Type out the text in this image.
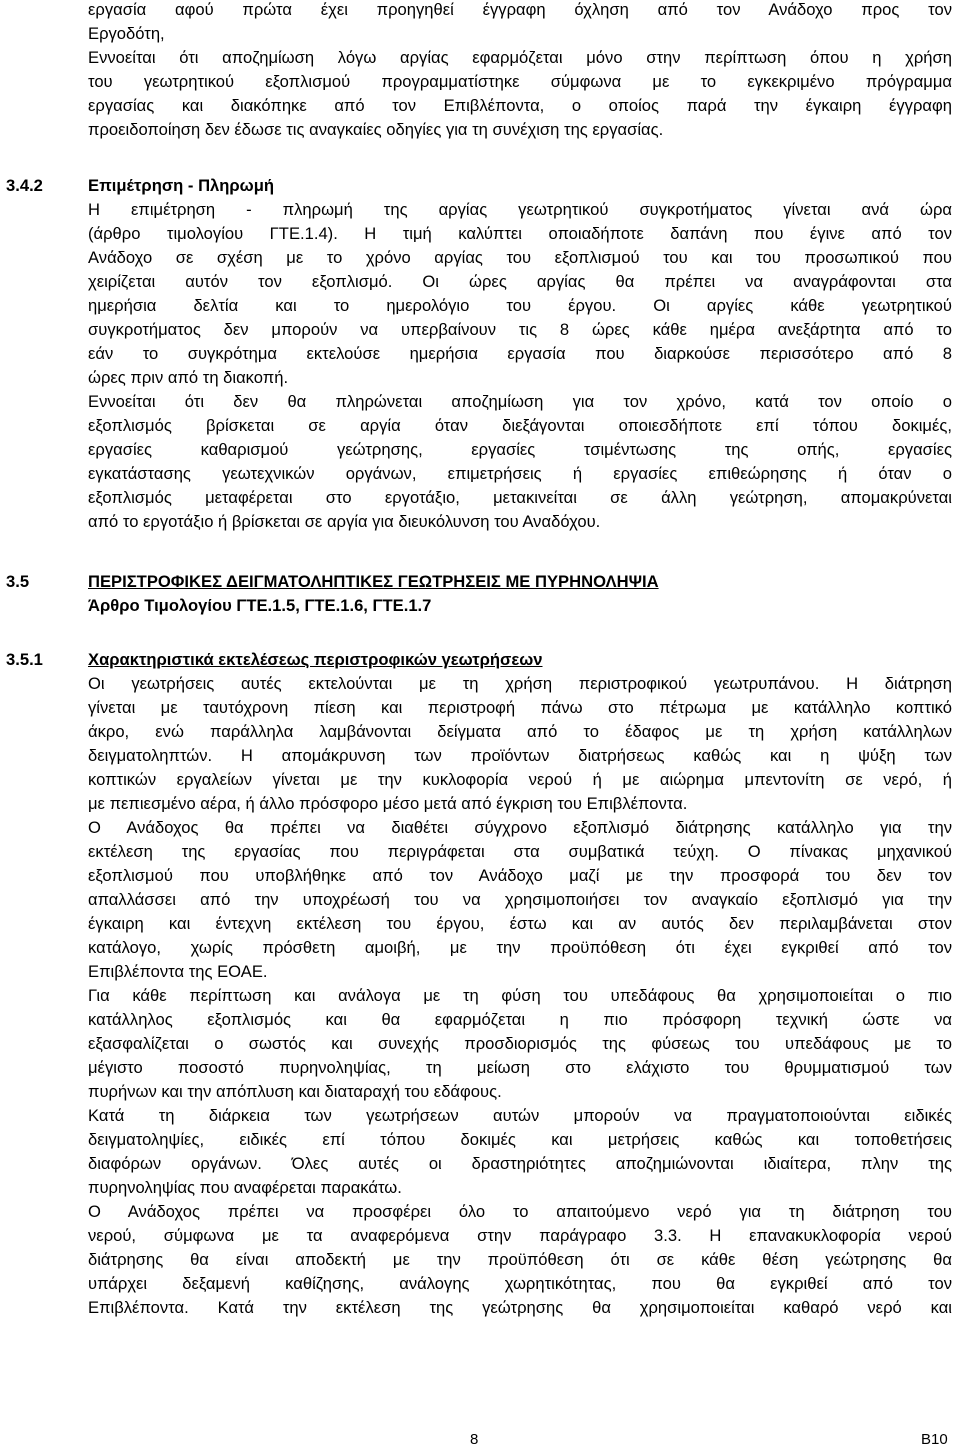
εργασία αφού πρώτα έχει προηγηθεί έγγραφη όχληση από τον Ανάδοχο προς τον

Εργοδότη,

Εννοείται ότι αποζημίωση λόγω αργίας εφαρμόζεται μόνο στην περίπτωση όπου η χρήση

του γεωτρητικού εξοπλισμού προγραμματίστηκε σύμφωνα με το εγκεκριμένο πρόγραμμα

εργασίας και διακόπηκε από τον Επιβλέποντα, ο οποίος παρά την έγκαιρη έγγραφη

προειδοποίηση δεν έδωσε τις αναγκαίες οδηγίες για τη συνέχιση της εργασίας.

3.4.2	Επιμέτρηση - Πληρωμή

Η επιμέτρηση - πληρωμή της αργίας γεωτρητικού συγκροτήματος γίνεται ανά ώρα

(άρθρο τιμολογίου ΓΤΕ.1.4). Η τιμή καλύπτει οποιαδήποτε δαπάνη που έγινε από τον

Ανάδοχο σε σχέση με το χρόνο αργίας του εξοπλισμού του και του προσωπικού που

χειρίζεται αυτόν τον εξοπλισμό. Οι ώρες αργίας θα πρέπει να αναγράφονται στα

ημερήσια δελτία και το ημερολόγιο του έργου. Οι αργίες κάθε γεωτρητικού

συγκροτήματος δεν μπορούν να υπερβαίνουν τις 8 ώρες κάθε ημέρα ανεξάρτητα από το

εάν το συγκρότημα εκτελούσε ημερήσια εργασία που διαρκούσε περισσότερο από 8

ώρες πριν από τη διακοπή.

Εννοείται ότι δεν θα πληρώνεται αποζημίωση για τον χρόνο, κατά τον οποίο ο

εξοπλισμός βρίσκεται σε αργία όταν διεξάγονται οποιεσδήποτε επί τόπου δοκιμές,

εργασίες καθαρισμού γεώτρησης, εργασίες τσιμέντωσης της οπής, εργασίες

εγκατάστασης γεωτεχνικών οργάνων, επιμετρήσεις ή εργασίες επιθεώρησης ή όταν ο

εξοπλισμός μεταφέρεται στο εργοτάξιο, μετακινείται σε άλλη γεώτρηση, απομακρύνεται

από το εργοτάξιο ή βρίσκεται σε αργία για διευκόλυνση του Αναδόχου.

3.5	ΠΕΡΙΣΤΡΟΦΙΚΕΣ ΔΕΙΓΜΑΤΟΛΗΠΤΙΚΕΣ ΓΕΩΤΡΗΣΕΙΣ ΜΕ ΠΥΡΗΝΟΛΗΨΙΑ

Άρθρο Τιμολογίου ΓΤΕ.1.5, ΓΤΕ.1.6, ΓΤΕ.1.7

3.5.1	Χαρακτηριστικά εκτελέσεως περιστροφικών γεωτρήσεων

Οι γεωτρήσεις αυτές εκτελούνται με τη χρήση περιστροφικού γεωτρυπάνου. Η διάτρηση

γίνεται με ταυτόχρονη πίεση και περιστροφή πάνω στο πέτρωμα με κατάλληλο κοπτικό

άκρο, ενώ παράλληλα λαμβάνονται δείγματα από το έδαφος με τη χρήση κατάλληλων

δειγματοληπτών. Η απομάκρυνση των προϊόντων διατρήσεως καθώς και η ψύξη των

κοπτικών εργαλείων γίνεται με την κυκλοφορία νερού ή με αιώρημα μπεντονίτη σε νερό, ή

με πεπιεσμένο αέρα, ή άλλο πρόσφορο μέσο μετά από έγκριση του Επιβλέποντα.

Ο Ανάδοχος θα πρέπει να διαθέτει σύγχρονο εξοπλισμό διάτρησης κατάλληλο για την

εκτέλεση της εργασίας που περιγράφεται στα συμβατικά τεύχη. Ο πίνακας μηχανικού

εξοπλισμού που υποβλήθηκε από τον Ανάδοχο μαζί με την προσφορά του δεν τον

απαλλάσσει από την υποχρέωσή του να χρησιμοποιήσει τον αναγκαίο εξοπλισμό για την

έγκαιρη και έντεχνη εκτέλεση του έργου, έστω και αν αυτός δεν περιλαμβάνεται στον

κατάλογο, χωρίς πρόσθετη αμοιβή, με την προϋπόθεση ότι έχει εγκριθεί από τον

Επιβλέποντα της ΕΟΑΕ.

Για κάθε περίπτωση και ανάλογα με τη φύση του υπεδάφους θα χρησιμοποιείται ο πιο

κατάλληλος εξοπλισμός και θα εφαρμόζεται η πιο πρόσφορη τεχνική ώστε να

εξασφαλίζεται ο σωστός και συνεχής προσδιορισμός της φύσεως του υπεδάφους με το

μέγιστο ποσοστό πυρηνοληψίας, τη μείωση στο ελάχιστο του θρυμματισμού των

πυρήνων και την απόπλυση και διαταραχή του εδάφους.

Κατά τη διάρκεια των γεωτρήσεων αυτών μπορούν να πραγματοποιούνται ειδικές

δειγματοληψίες, ειδικές επί τόπου δοκιμές και μετρήσεις καθώς και τοποθετήσεις

διαφόρων οργάνων. Όλες αυτές οι δραστηριότητες αποζημιώνονται ιδιαίτερα, πλην της

πυρηνοληψίας που αναφέρεται παρακάτω.

Ο Ανάδοχος πρέπει να προσφέρει όλο το απαιτούμενο νερό για τη διάτρηση του

νερού, σύμφωνα με τα αναφερόμενα στην παράγραφο 3.3. Η επανακυκλοφορία νερού

διάτρησης θα είναι αποδεκτή με την προϋπόθεση ότι σε κάθε θέση γεώτρησης θα

υπάρχει δεξαμενή καθίζησης, ανάλογης χωρητικότητας, που θα εγκριθεί από τον

Επιβλέποντα. Κατά την εκτέλεση της γεώτρησης θα χρησιμοποιείται καθαρό νερό και

8	B10
